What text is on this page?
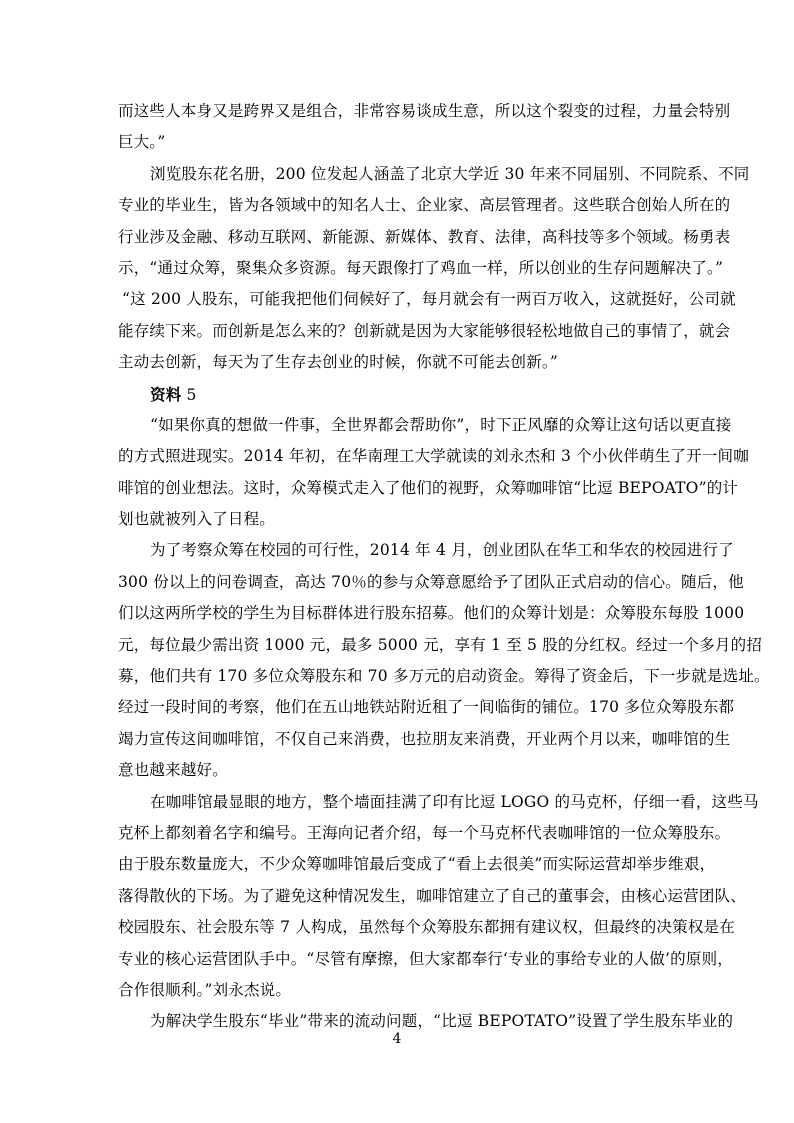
而这些人本身又是跨界又是组合，非常容易谈成生意，所以这个裂变的过程，力量会特别
巨大。”
浏览股东花名册，200 位发起人涵盖了北京大学近 30 年来不同届别、不同院系、不同
专业的毕业生，皆为各领域中的知名人士、企业家、高层管理者。这些联合创始人所在的
行业涉及金融、移动互联网、新能源、新媒体、教育、法律，高科技等多个领域。杨勇表
示，“通过众筹，聚集众多资源。每天跟像打了鸡血一样，所以创业的生存问题解决了。”
“这 200 人股东，可能我把他们伺候好了，每月就会有一两百万收入，这就挺好，公司就
能存续下来。而创新是怎么来的？创新就是因为大家能够很轻松地做自己的事情了，就会
主动去创新，每天为了生存去创业的时候，你就不可能去创新。”
资料 5
“如果你真的想做一件事，全世界都会帮助你”，时下正风靡的众筹让这句话以更直接
的方式照进现实。2014 年初，在华南理工大学就读的刘永杰和 3 个小伙伴萌生了开一间咖
啡馆的创业想法。这时，众筹模式走入了他们的视野，众筹咖啡馆“比逗 BEPOATO”的计
划也就被列入了日程。
为了考察众筹在校园的可行性，2014 年 4 月，创业团队在华工和华农的校园进行了
300 份以上的问卷调查，高达 70％的参与众筹意愿给予了团队正式启动的信心。随后，他
们以这两所学校的学生为目标群体进行股东招募。他们的众筹计划是：众筹股东每股 1000
元，每位最少需出资 1000 元，最多 5000 元，享有 1 至 5 股的分红权。经过一个多月的招
募，他们共有 170 多位众筹股东和 70 多万元的启动资金。筹得了资金后，下一步就是选址。
经过一段时间的考察，他们在五山地铁站附近租了一间临街的铺位。170 多位众筹股东都
竭力宣传这间咖啡馆，不仅自己来消费，也拉朋友来消费，开业两个月以来，咖啡馆的生
意也越来越好。
在咖啡馆最显眼的地方，整个墙面挂满了印有比逗 LOGO 的马克杯，仔细一看，这些马
克杯上都刻着名字和编号。王海向记者介绍，每一个马克杯代表咖啡馆的一位众筹股东。
由于股东数量庞大，不少众筹咖啡馆最后变成了“看上去很美”而实际运营却举步维艰，
落得散伙的下场。为了避免这种情况发生，咖啡馆建立了自己的董事会，由核心运营团队、
校园股东、社会股东等 7 人构成，虽然每个众筹股东都拥有建议权，但最终的决策权是在
专业的核心运营团队手中。“尽管有摩擦，但大家都奉行‘专业的事给专业的人做’的原则，
合作很顺利。”刘永杰说。
为解决学生股东“毕业”带来的流动问题，“比逗 BEPOTATO”设置了学生股东毕业的
4
